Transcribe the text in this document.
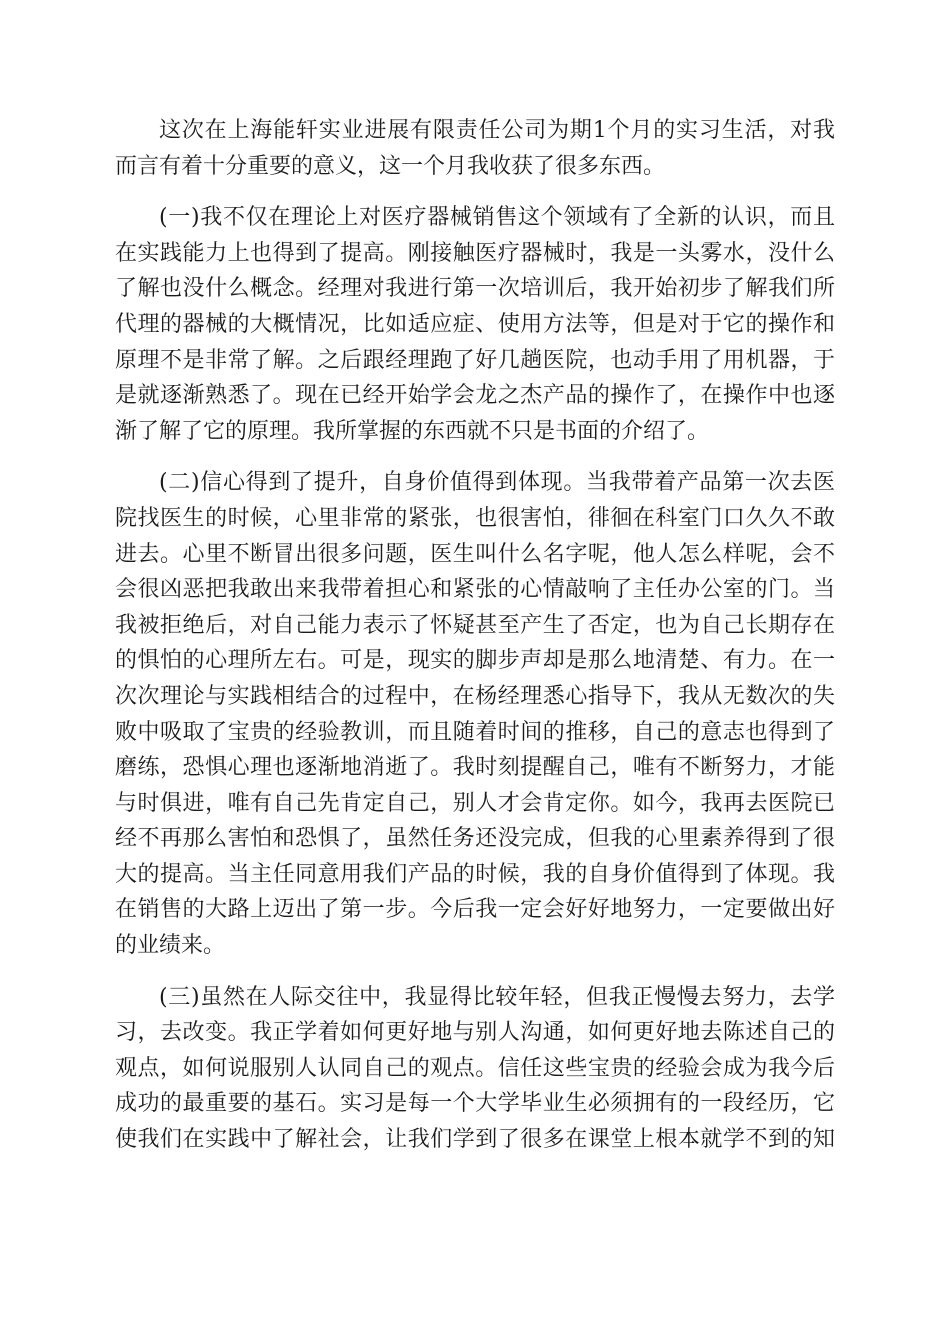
这次在上海能轩实业进展有限责任公司为期1个月的实习生活，对我
而言有着十分重要的意义，这一个月我收获了很多东西。
(一)我不仅在理论上对医疗器械销售这个领域有了全新的认识，而且
在实践能力上也得到了提高。刚接触医疗器械时，我是一头雾水，没什么
了解也没什么概念。经理对我进行第一次培训后，我开始初步了解我们所
代理的器械的大概情况，比如适应症、使用方法等，但是对于它的操作和
原理不是非常了解。之后跟经理跑了好几趟医院，也动手用了用机器，于
是就逐渐熟悉了。现在已经开始学会龙之杰产品的操作了，在操作中也逐
渐了解了它的原理。我所掌握的东西就不只是书面的介绍了。
(二)信心得到了提升，自身价值得到体现。当我带着产品第一次去医
院找医生的时候，心里非常的紧张，也很害怕，徘徊在科室门口久久不敢
进去。心里不断冒出很多问题，医生叫什么名字呢，他人怎么样呢，会不
会很凶恶把我敢出来我带着担心和紧张的心情敲响了主任办公室的门。当
我被拒绝后，对自己能力表示了怀疑甚至产生了否定，也为自己长期存在
的惧怕的心理所左右。可是，现实的脚步声却是那么地清楚、有力。在一
次次理论与实践相结合的过程中，在杨经理悉心指导下，我从无数次的失
败中吸取了宝贵的经验教训，而且随着时间的推移，自己的意志也得到了
磨练，恐惧心理也逐渐地消逝了。我时刻提醒自己，唯有不断努力，才能
与时俱进，唯有自己先肯定自己，别人才会肯定你。如今，我再去医院已
经不再那么害怕和恐惧了，虽然任务还没完成，但我的心里素养得到了很
大的提高。当主任同意用我们产品的时候，我的自身价值得到了体现。我
在销售的大路上迈出了第一步。今后我一定会好好地努力，一定要做出好
的业绩来。
(三)虽然在人际交往中，我显得比较年轻，但我正慢慢去努力，去学
习，去改变。我正学着如何更好地与别人沟通，如何更好地去陈述自己的
观点，如何说服别人认同自己的观点。信任这些宝贵的经验会成为我今后
成功的最重要的基石。实习是每一个大学毕业生必须拥有的一段经历，它
使我们在实践中了解社会，让我们学到了很多在课堂上根本就学不到的知
